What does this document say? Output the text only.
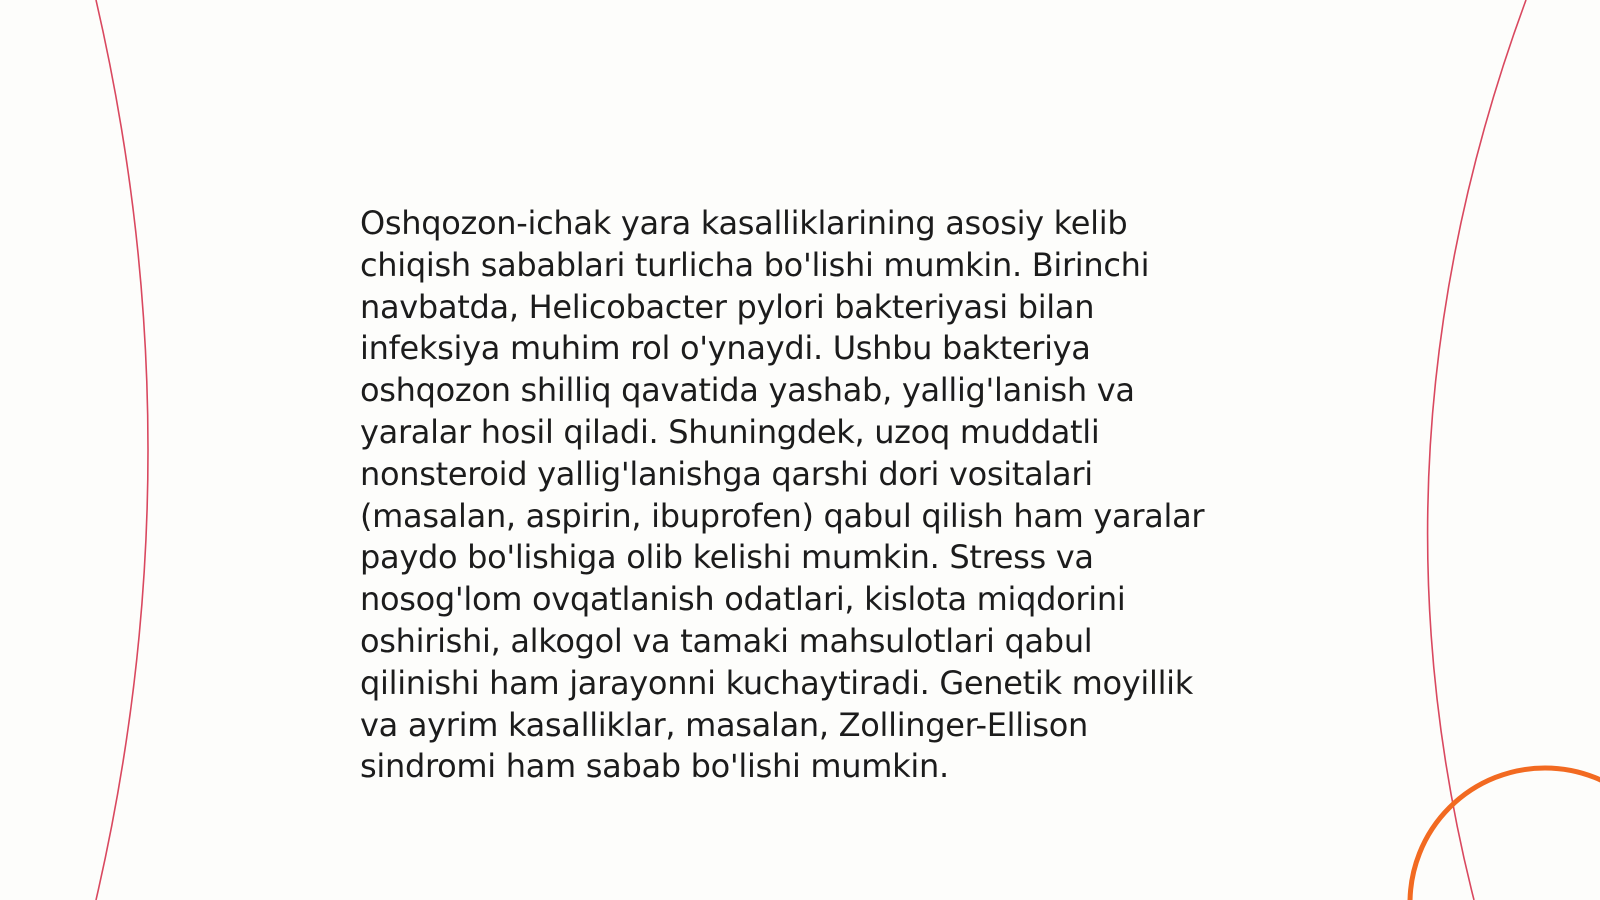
Oshqozon-ichak yara kasalliklarining asosiy kelib
chiqish sabablari turlicha bo'lishi mumkin. Birinchi
navbatda, Helicobacter pylori bakteriyasi bilan
infeksiya muhim rol o'ynaydi. Ushbu bakteriya
oshqozon shilliq qavatida yashab, yallig'lanish va
yaralar hosil qiladi. Shuningdek, uzoq muddatli
nonsteroid yallig'lanishga qarshi dori vositalari
(masalan, aspirin, ibuprofen) qabul qilish ham yaralar
paydo bo'lishiga olib kelishi mumkin. Stress va
nosog'lom ovqatlanish odatlari, kislota miqdorini
oshirishi, alkogol va tamaki mahsulotlari qabul
qilinishi ham jarayonni kuchaytiradi. Genetik moyillik
va ayrim kasalliklar, masalan, Zollinger-Ellison
sindromi ham sabab bo'lishi mumkin.
